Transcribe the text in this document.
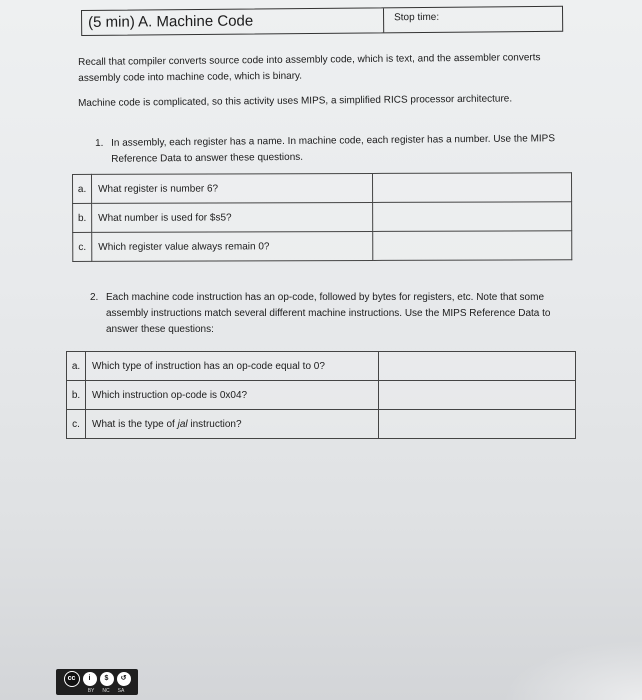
(5 min) A. Machine Code	Stop time:
Recall that compiler converts source code into assembly code, which is text, and the assembler converts assembly code into machine code, which is binary.
Machine code is complicated, so this activity uses MIPS, a simplified RICS processor architecture.
1. In assembly, each register has a name. In machine code, each register has a number. Use the MIPS Reference Data to answer these questions.
a.	What register is number 6?	
b.	What number is used for $s5?	
c.	Which register value always remain 0?	
2. Each machine code instruction has an op-code, followed by bytes for registers, etc. Note that some assembly instructions match several different machine instructions. Use the MIPS Reference Data to answer these questions:
a.	Which type of instruction has an op-code equal to 0?	
b.	Which instruction op-code is 0x04?	
c.	What is the type of jal instruction?	
cc	i	$	↺
BY NC SA
